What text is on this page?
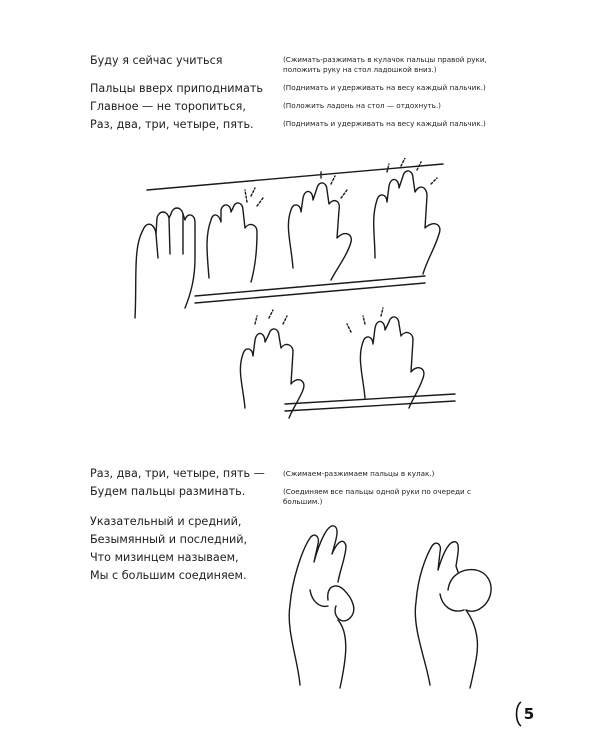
Буду я сейчас учиться
Пальцы вверх приподнимать
Главное — не торопиться,
Раз, два, три, четыре, пять.
(Сжимать-разжимать в кулачок пальцы правой руки, положить руку на стол ладошкой вниз.)
(Поднимать и удерживать на весу каждый пальчик.)
(Положить ладонь на стол — отдохнуть.)
(Поднимать и удерживать на весу каждый пальчик.)
Раз, два, три, четыре, пять —
Будем пальцы разминать.
(Сжимаем-разжимаем пальцы в кулак.)
(Соединяем все пальцы одной руки по очереди с большим.)
Указательный и средний,
Безымянный и последний,
Что мизинцем называем,
Мы с большим соединяем.
5
